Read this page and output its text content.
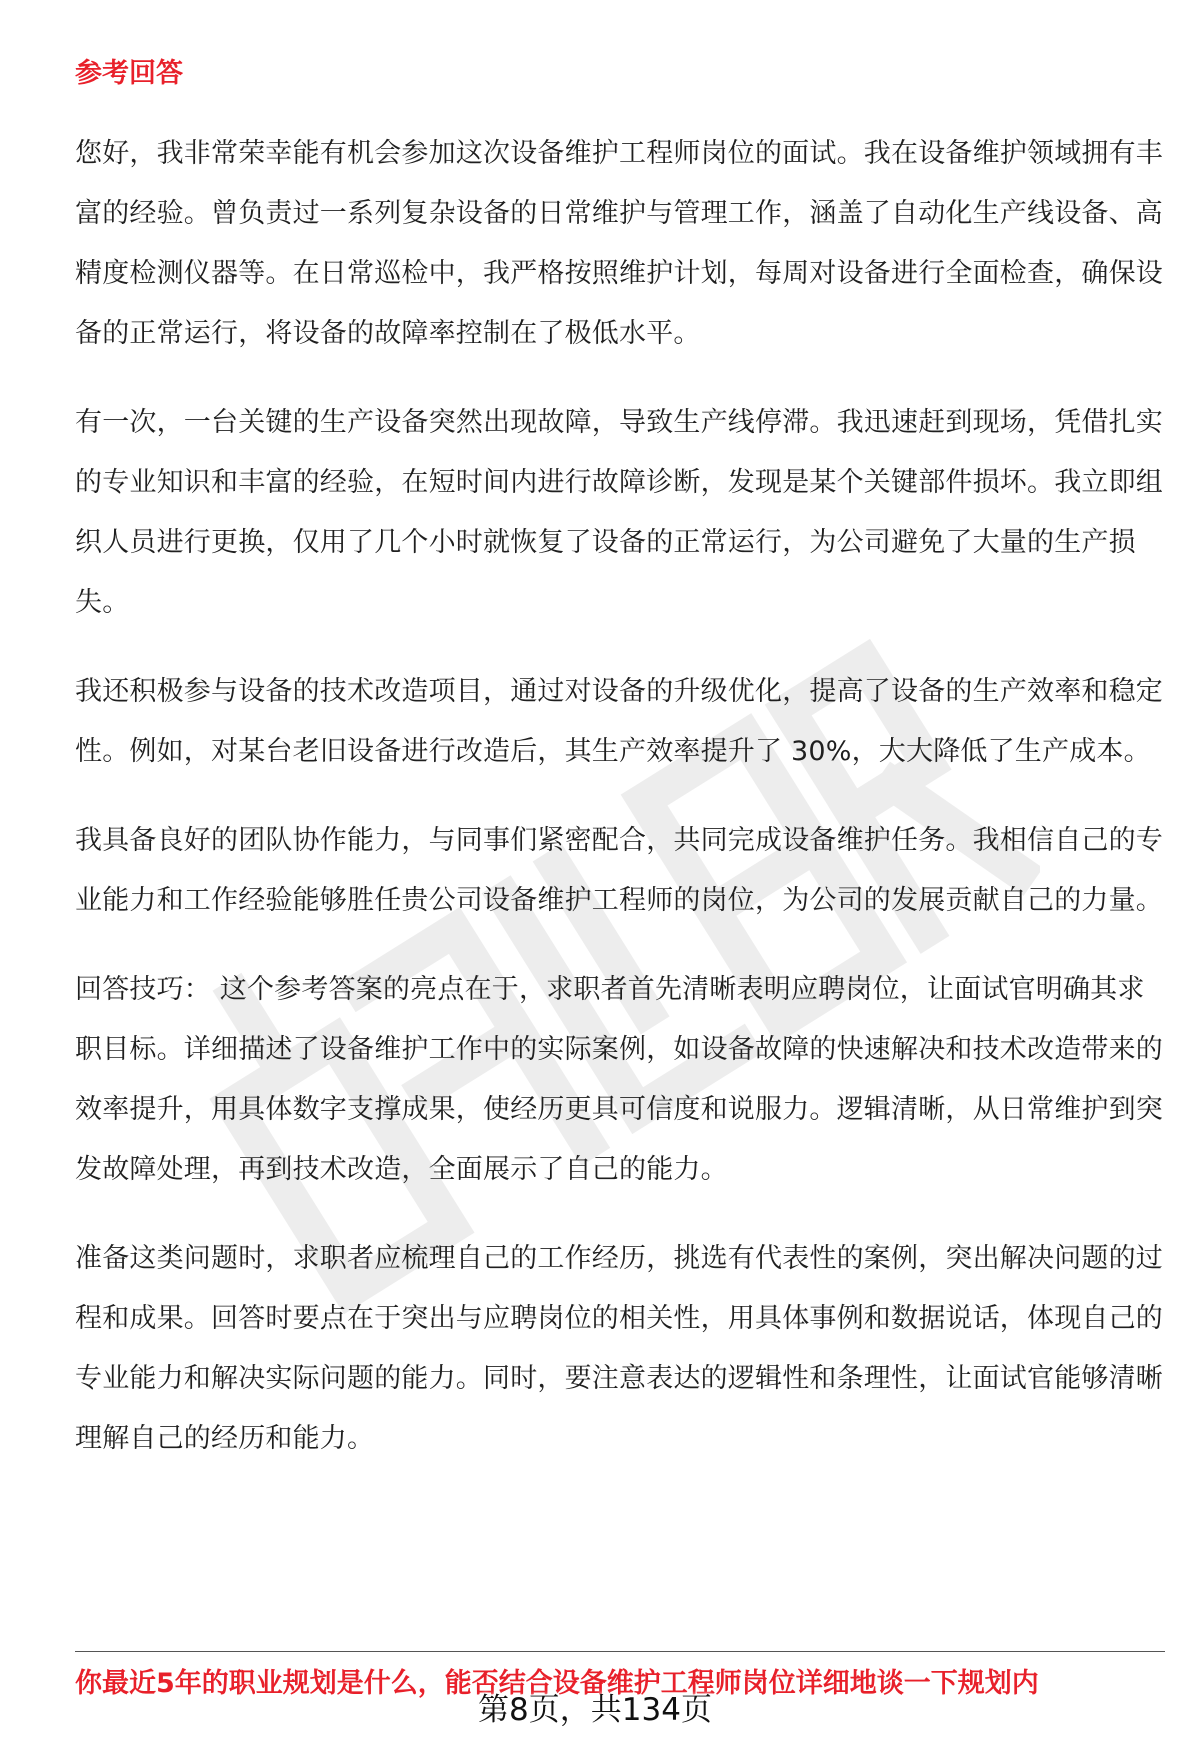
参考回答

您好，我非常荣幸能有机会参加这次设备维护工程师岗位的面试。我在设备维护领域拥有丰富的经验。曾负责过一系列复杂设备的日常维护与管理工作，涵盖了自动化生产线设备、高精度检测仪器等。在日常巡检中，我严格按照维护计划，每周对设备进行全面检查，确保设备的正常运行，将设备的故障率控制在了极低水平。

有一次，一台关键的生产设备突然出现故障，导致生产线停滞。我迅速赶到现场，凭借扎实的专业知识和丰富的经验，在短时间内进行故障诊断，发现是某个关键部件损坏。我立即组织人员进行更换，仅用了几个小时就恢复了设备的正常运行，为公司避免了大量的生产损失。

我还积极参与设备的技术改造项目，通过对设备的升级优化，提高了设备的生产效率和稳定性。例如，对某台老旧设备进行改造后，其生产效率提升了 30%，大大降低了生产成本。

我具备良好的团队协作能力，与同事们紧密配合，共同完成设备维护任务。我相信自己的专业能力和工作经验能够胜任贵公司设备维护工程师的岗位，为公司的发展贡献自己的力量。

回答技巧： 这个参考答案的亮点在于，求职者首先清晰表明应聘岗位，让面试官明确其求职目标。详细描述了设备维护工作中的实际案例，如设备故障的快速解决和技术改造带来的效率提升，用具体数字支撑成果，使经历更具可信度和说服力。逻辑清晰，从日常维护到突发故障处理，再到技术改造，全面展示了自己的能力。

准备这类问题时，求职者应梳理自己的工作经历，挑选有代表性的案例，突出解决问题的过程和成果。回答时要点在于突出与应聘岗位的相关性，用具体事例和数据说话，体现自己的专业能力和解决实际问题的能力。同时，要注意表达的逻辑性和条理性，让面试官能够清晰理解自己的经历和能力。

你最近5年的职业规划是什么，能否结合设备维护工程师岗位详细地谈一下规划内
第8页，共134页
